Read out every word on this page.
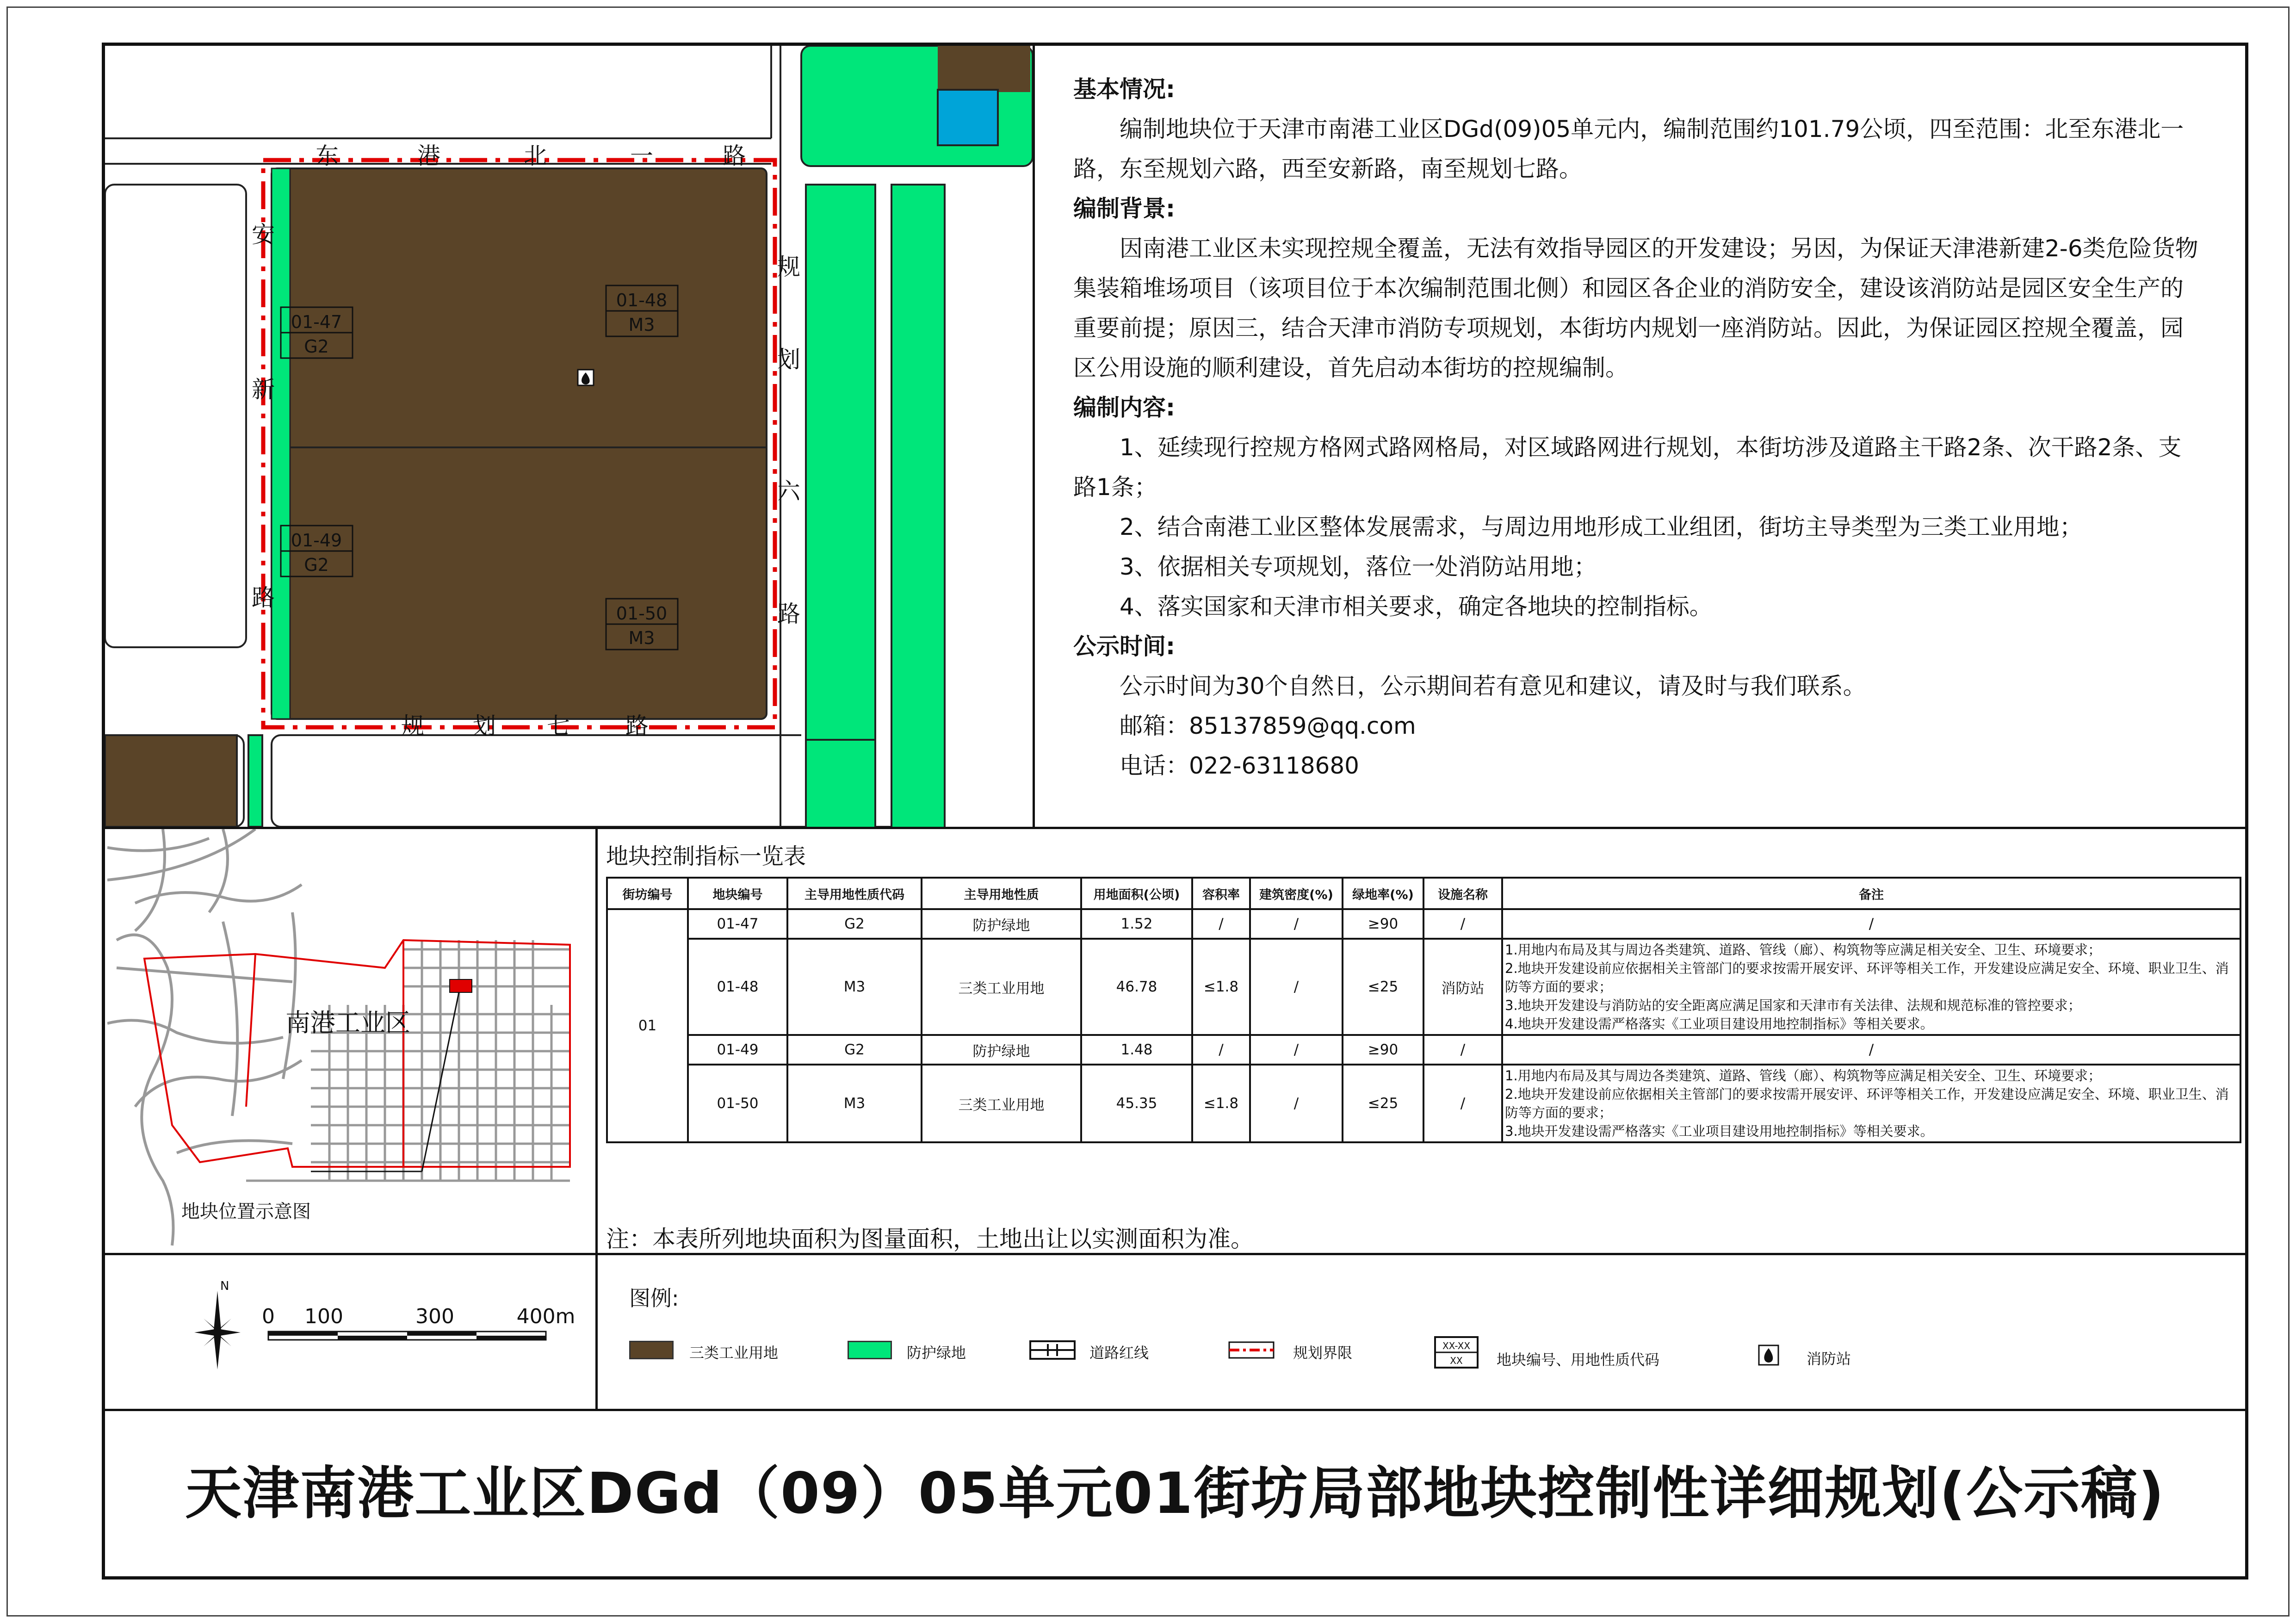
01-47
G2
01-48
M3
01-49
G2
01-50
M3
东	港	北	一	路
安
新
路
规
划
六
路
规 划 七 路

基本情况:

编制地块位于天津市南港工业区DGd(09)05单元内，编制范围约101.79公顷，四至范围：北至东港北一路，东至规划六路，西至安新路，南至规划七路。

编制背景:

因南港工业区未实现控规全覆盖，无法有效指导园区的开发建设；另因，为保证天津港新建2-6类危险货物集装箱堆场项目（该项目位于本次编制范围北侧）和园区各企业的消防安全，建设该消防站是园区安全生产的重要前提；原因三，结合天津市消防专项规划，本街坊内规划一座消防站。因此，为保证园区控规全覆盖，园区公用设施的顺利建设，首先启动本街坊的控规编制。

编制内容:

1、延续现行控规方格网式路网格局，对区域路网进行规划，本街坊涉及道路主干路2条、次干路2条、支路1条；

2、结合南港工业区整体发展需求，与周边用地形成工业组团，街坊主导类型为三类工业用地；

3、依据相关专项规划，落位一处消防站用地；

4、落实国家和天津市相关要求，确定各地块的控制指标。

公示时间:

公示时间为30个自然日，公示期间若有意见和建议，请及时与我们联系。

邮箱：85137859@qq.com

电话：022-63118680

南港工业区
地块位置示意图
地块控制指标一览表
街坊编号	地块编号	主导用地性质代码	主导用地性质	用地面积(公顷)	容积率	建筑密度(%)	绿地率(%)	设施名称	备注
01	01-47	G2	防护绿地	1.52	/	/	≥90	/	/
	01-48	M3	三类工业用地	46.78	≤1.8	/	≤25	消防站	1.用地内布局及其与周边各类建筑、道路、管线（廊）、构筑物等应满足相关安全、卫生、环境要求；
2.地块开发建设前应依据相关主管部门的要求按需开展安评、环评等相关工作，开发建设应满足安全、环境、职业卫生、消防等方面的要求；
3.地块开发建设与消防站的安全距离应满足国家和天津市有关法律、法规和规范标准的管控要求；
4.地块开发建设需严格落实《工业项目建设用地控制指标》等相关要求。

	01-49	G2	防护绿地	1.48	/	/	≥90	/	/
	01-50	M3	三类工业用地	45.35	≤1.8	/	≤25	/	1.用地内布局及其与周边各类建筑、道路、管线（廊）、构筑物等应满足相关安全、卫生、环境要求；
2.地块开发建设前应依据相关主管部门的要求按需开展安评、环评等相关工作，开发建设应满足安全、环境、职业卫生、消防等方面的要求；
3.地块开发建设需严格落实《工业项目建设用地控制指标》等相关要求。
注：本表所列地块面积为图量面积，土地出让以实测面积为准。
N
0 100	300	400m
图例:
三类工业用地	防护绿地	道路红线	规划界限	XX-XX
XX 地块编号、用地性质代码	消防站
天津南港工业区DGd（09）05单元01街坊局部地块控制性详细规划(公示稿)
